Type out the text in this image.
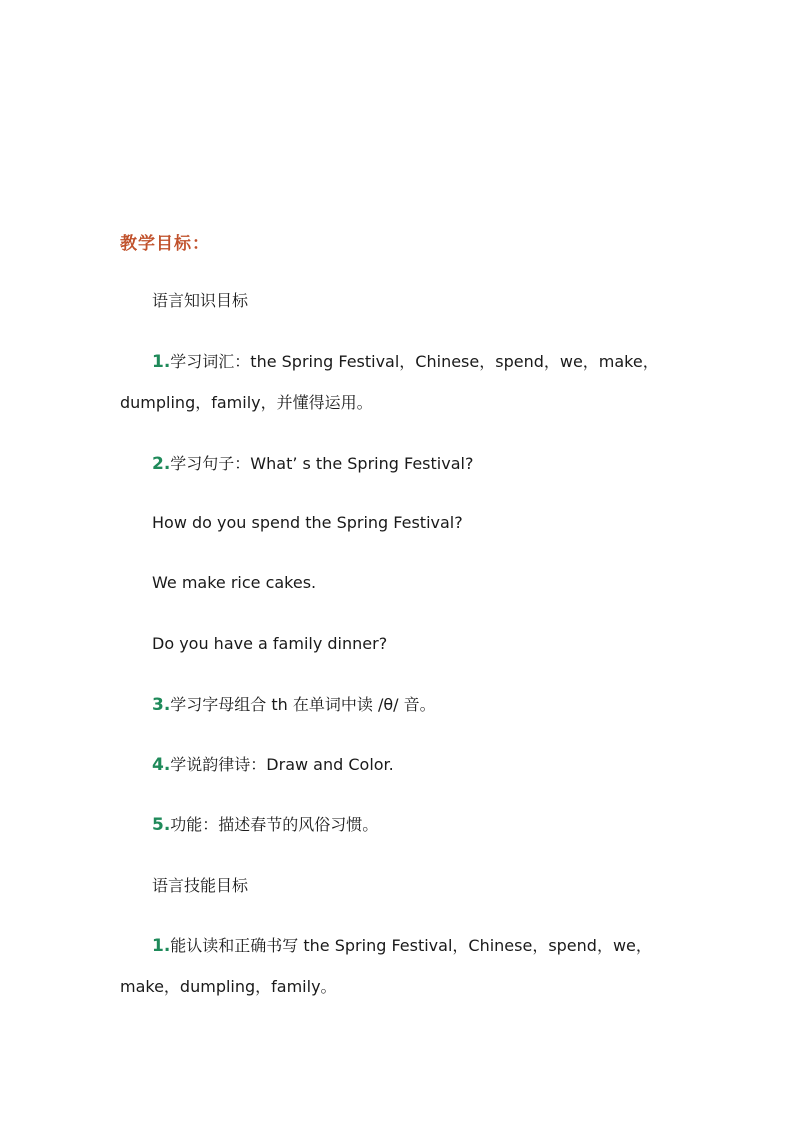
教学目标：
语言知识目标
1.学习词汇：the Spring Festival，Chinese，spend，we，make，
dumpling，family，并懂得运用。
2.学习句子：What’ s the Spring Festival?
How do you spend the Spring Festival?
We make rice cakes.
Do you have a family dinner?
3.学习字母组合 th 在单词中读 /θ/ 音。
4.学说韵律诗：Draw and Color.
5.功能：描述春节的风俗习惯。
语言技能目标
1.能认读和正确书写 the Spring Festival，Chinese，spend，we，
make，dumpling，family。
